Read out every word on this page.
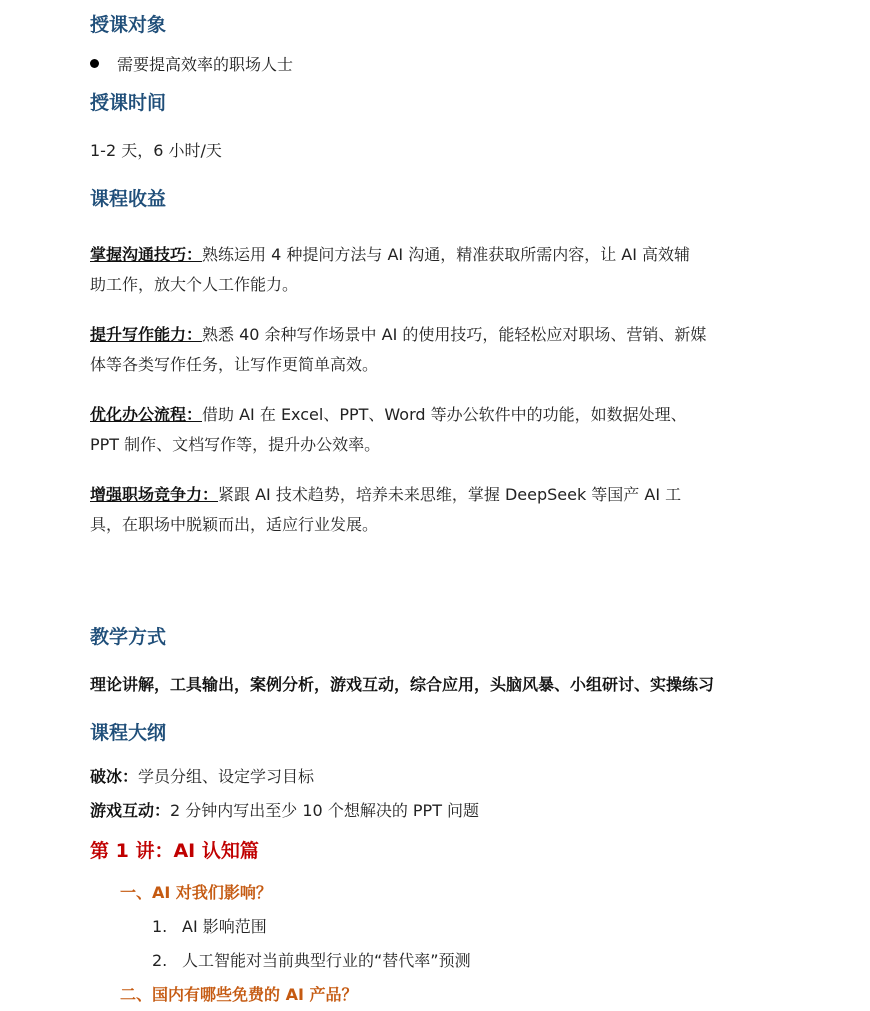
授课对象
需要提高效率的职场人士
授课时间

1-2 天，6 小时/天

课程收益

掌握沟通技巧：熟练运用 4 种提问方法与 AI 沟通，精准获取所需内容，让 AI 高效辅
助工作，放大个人工作能力。

提升写作能力：熟悉 40 余种写作场景中 AI 的使用技巧，能轻松应对职场、营销、新媒
体等各类写作任务，让写作更简单高效。

优化办公流程：借助 AI 在 Excel、PPT、Word 等办公软件中的功能，如数据处理、
PPT 制作、文档写作等，提升办公效率。

增强职场竞争力：紧跟 AI 技术趋势，培养未来思维，掌握 DeepSeek 等国产 AI 工
具，在职场中脱颖而出，适应行业发展。

教学方式

理论讲解，工具输出，案例分析，游戏互动，综合应用，头脑风暴、小组研讨、实操练习

课程大纲

破冰：学员分组、设定学习目标

游戏互动：2 分钟内写出至少 10 个想解决的 PPT 问题

第 1 讲：AI 认知篇
一、AI 对我们影响？

1. AI 影响范围

2. 人工智能对当前典型行业的“替代率”预测

二、国内有哪些免费的 AI 产品？
